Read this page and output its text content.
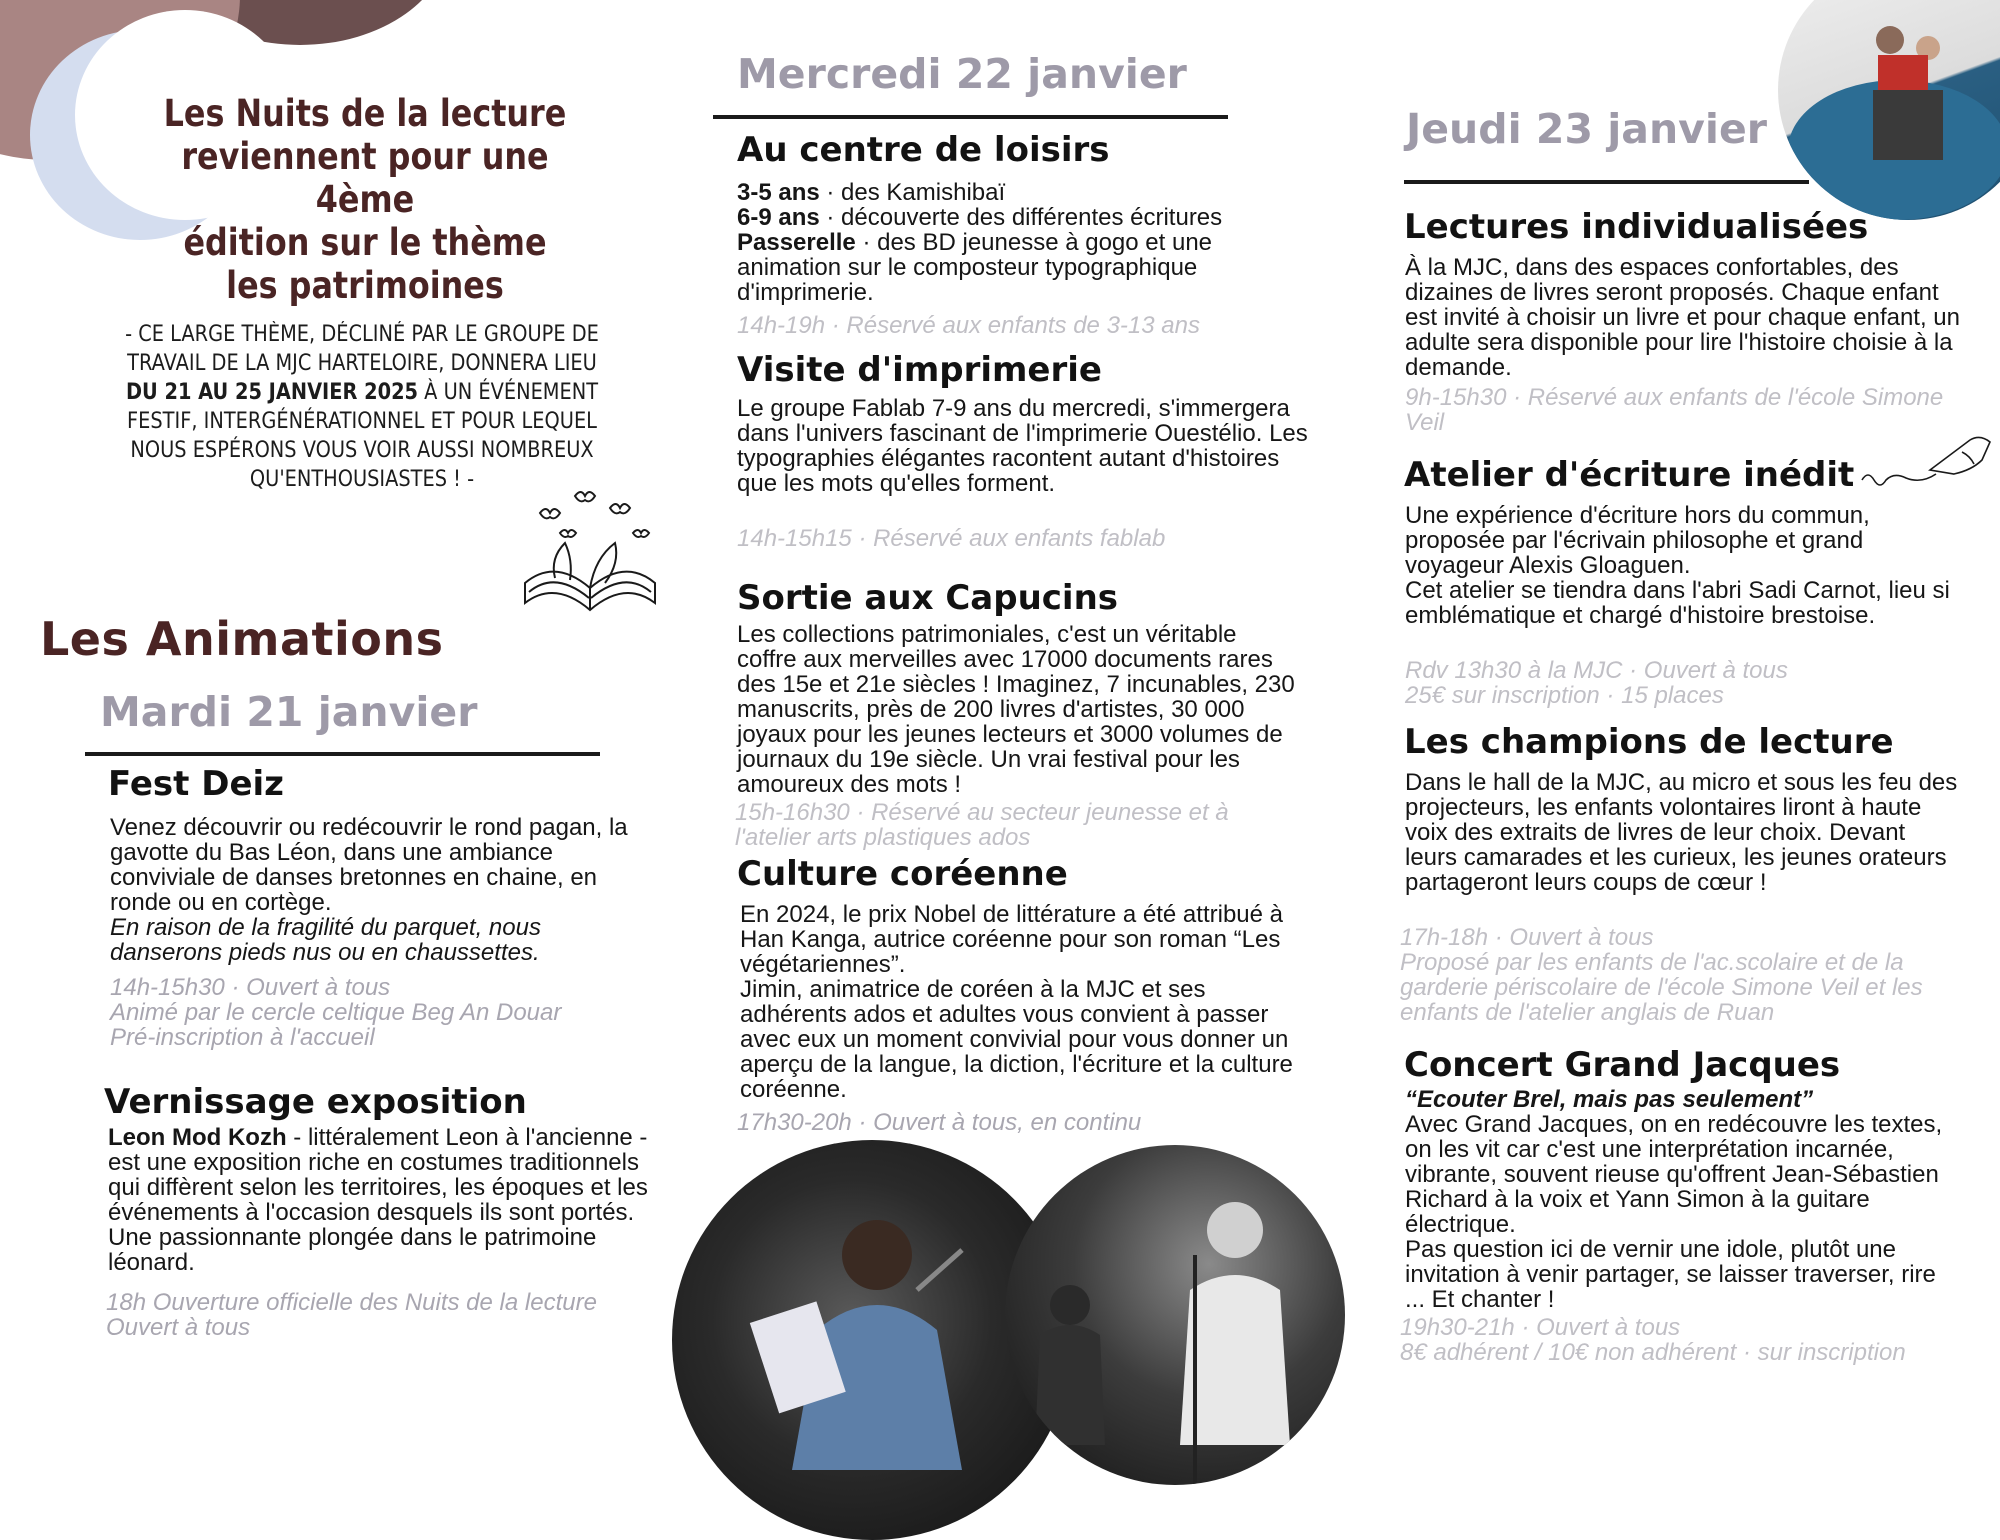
Les Nuits de la lecture
reviennent pour une 4ème
édition sur le thème
les patrimoines
- CE LARGE THÈME, DÉCLINÉ PAR LE GROUPE DE TRAVAIL DE LA MJC HARTELOIRE, DONNERA LIEU DU 21 AU 25 JANVIER 2025 À UN ÉVÉNEMENT FESTIF, INTERGÉNÉRATIONNEL ET POUR LEQUEL NOUS ESPÉRONS VOUS VOIR AUSSI NOMBREUX QU'ENTHOUSIASTES ! -
Les Animations
Mardi 21 janvier
Fest Deiz

Venez découvrir ou redécouvrir le rond pagan, la gavotte du Bas Léon, dans une ambiance conviviale de danses bretonnes en chaine, en ronde ou en cortège.

En raison de la fragilité du parquet, nous danserons pieds nus ou en chaussettes.

14h-15h30 · Ouvert à tous

Animé par le cercle celtique Beg An Douar

Pré-inscription à l'accueil

Vernissage exposition
Leon Mod Kozh - littéralement Leon à l'ancienne - est une exposition riche en costumes traditionnels qui diffèrent selon les territoires, les époques et les événements à l'occasion desquels ils sont portés. Une passionnante plongée dans le patrimoine léonard.

18h Ouverture officielle des Nuits de la lecture

Ouvert à tous

Mercredi 22 janvier
Au centre de loisirs
3-5 ans · des Kamishibaï
6-9 ans · découverte des différentes écritures
Passerelle · des BD jeunesse à gogo et une animation sur le composteur typographique d'imprimerie.
14h-19h · Réservé aux enfants de 3-13 ans
Visite d'imprimerie
Le groupe Fablab 7-9 ans du mercredi, s'immergera dans l'univers fascinant de l'imprimerie Ouestélio. Les typographies élégantes racontent autant d'histoires que les mots qu'elles forment.
14h-15h15 · Réservé aux enfants fablab
Sortie aux Capucins
Les collections patrimoniales, c'est un véritable coffre aux merveilles avec 17000 documents rares des 15e et 21e siècles ! Imaginez, 7 incunables, 230 manuscrits, près de 200 livres d'artistes, 30 000 joyaux pour les jeunes lecteurs et 3000 volumes de journaux du 19e siècle. Un vrai festival pour les amoureux des mots !
15h-16h30 · Réservé au secteur jeunesse et à l'atelier arts plastiques ados
Culture coréenne

En 2024, le prix Nobel de littérature a été attribué à Han Kanga, autrice coréenne pour son roman “Les végétariennes”.

Jimin, animatrice de coréen à la MJC et ses adhérents ados et adultes vous convient à passer avec eux un moment convivial pour vous donner un aperçu de la langue, la diction, l'écriture et la culture coréenne.

17h30-20h · Ouvert à tous, en continu
Jeudi 23 janvier
Lectures individualisées
À la MJC, dans des espaces confortables, des dizaines de livres seront proposés. Chaque enfant est invité à choisir un livre et pour chaque enfant, un adulte sera disponible pour lire l'histoire choisie à la demande.
9h-15h30 · Réservé aux enfants de l'école Simone Veil
Atelier d'écriture inédit

Une expérience d'écriture hors du commun, proposée par l'écrivain philosophe et grand voyageur Alexis Gloaguen.

Cet atelier se tiendra dans l'abri Sadi Carnot, lieu si emblématique et chargé d'histoire brestoise.

Rdv 13h30 à la MJC · Ouvert à tous

25€ sur inscription · 15 places

Les champions de lecture
Dans le hall de la MJC, au micro et sous les feu des projecteurs, les enfants volontaires liront à haute voix des extraits de livres de leur choix. Devant leurs camarades et les curieux, les jeunes orateurs partageront leurs coups de cœur !

17h-18h · Ouvert à tous

Proposé par les enfants de l'ac.scolaire et de la garderie périscolaire de l'école Simone Veil et les enfants de l'atelier anglais de Ruan

Concert Grand Jacques
“Ecouter Brel, mais pas seulement”

Avec Grand Jacques, on en redécouvre les textes, on les vit car c'est une interprétation incarnée, vibrante, souvent rieuse qu'offrent Jean-Sébastien Richard à la voix et Yann Simon à la guitare électrique.

Pas question ici de vernir une idole, plutôt une invitation à venir partager, se laisser traverser, rire ... Et chanter !

19h30-21h · Ouvert à tous

8€ adhérent / 10€ non adhérent · sur inscription
